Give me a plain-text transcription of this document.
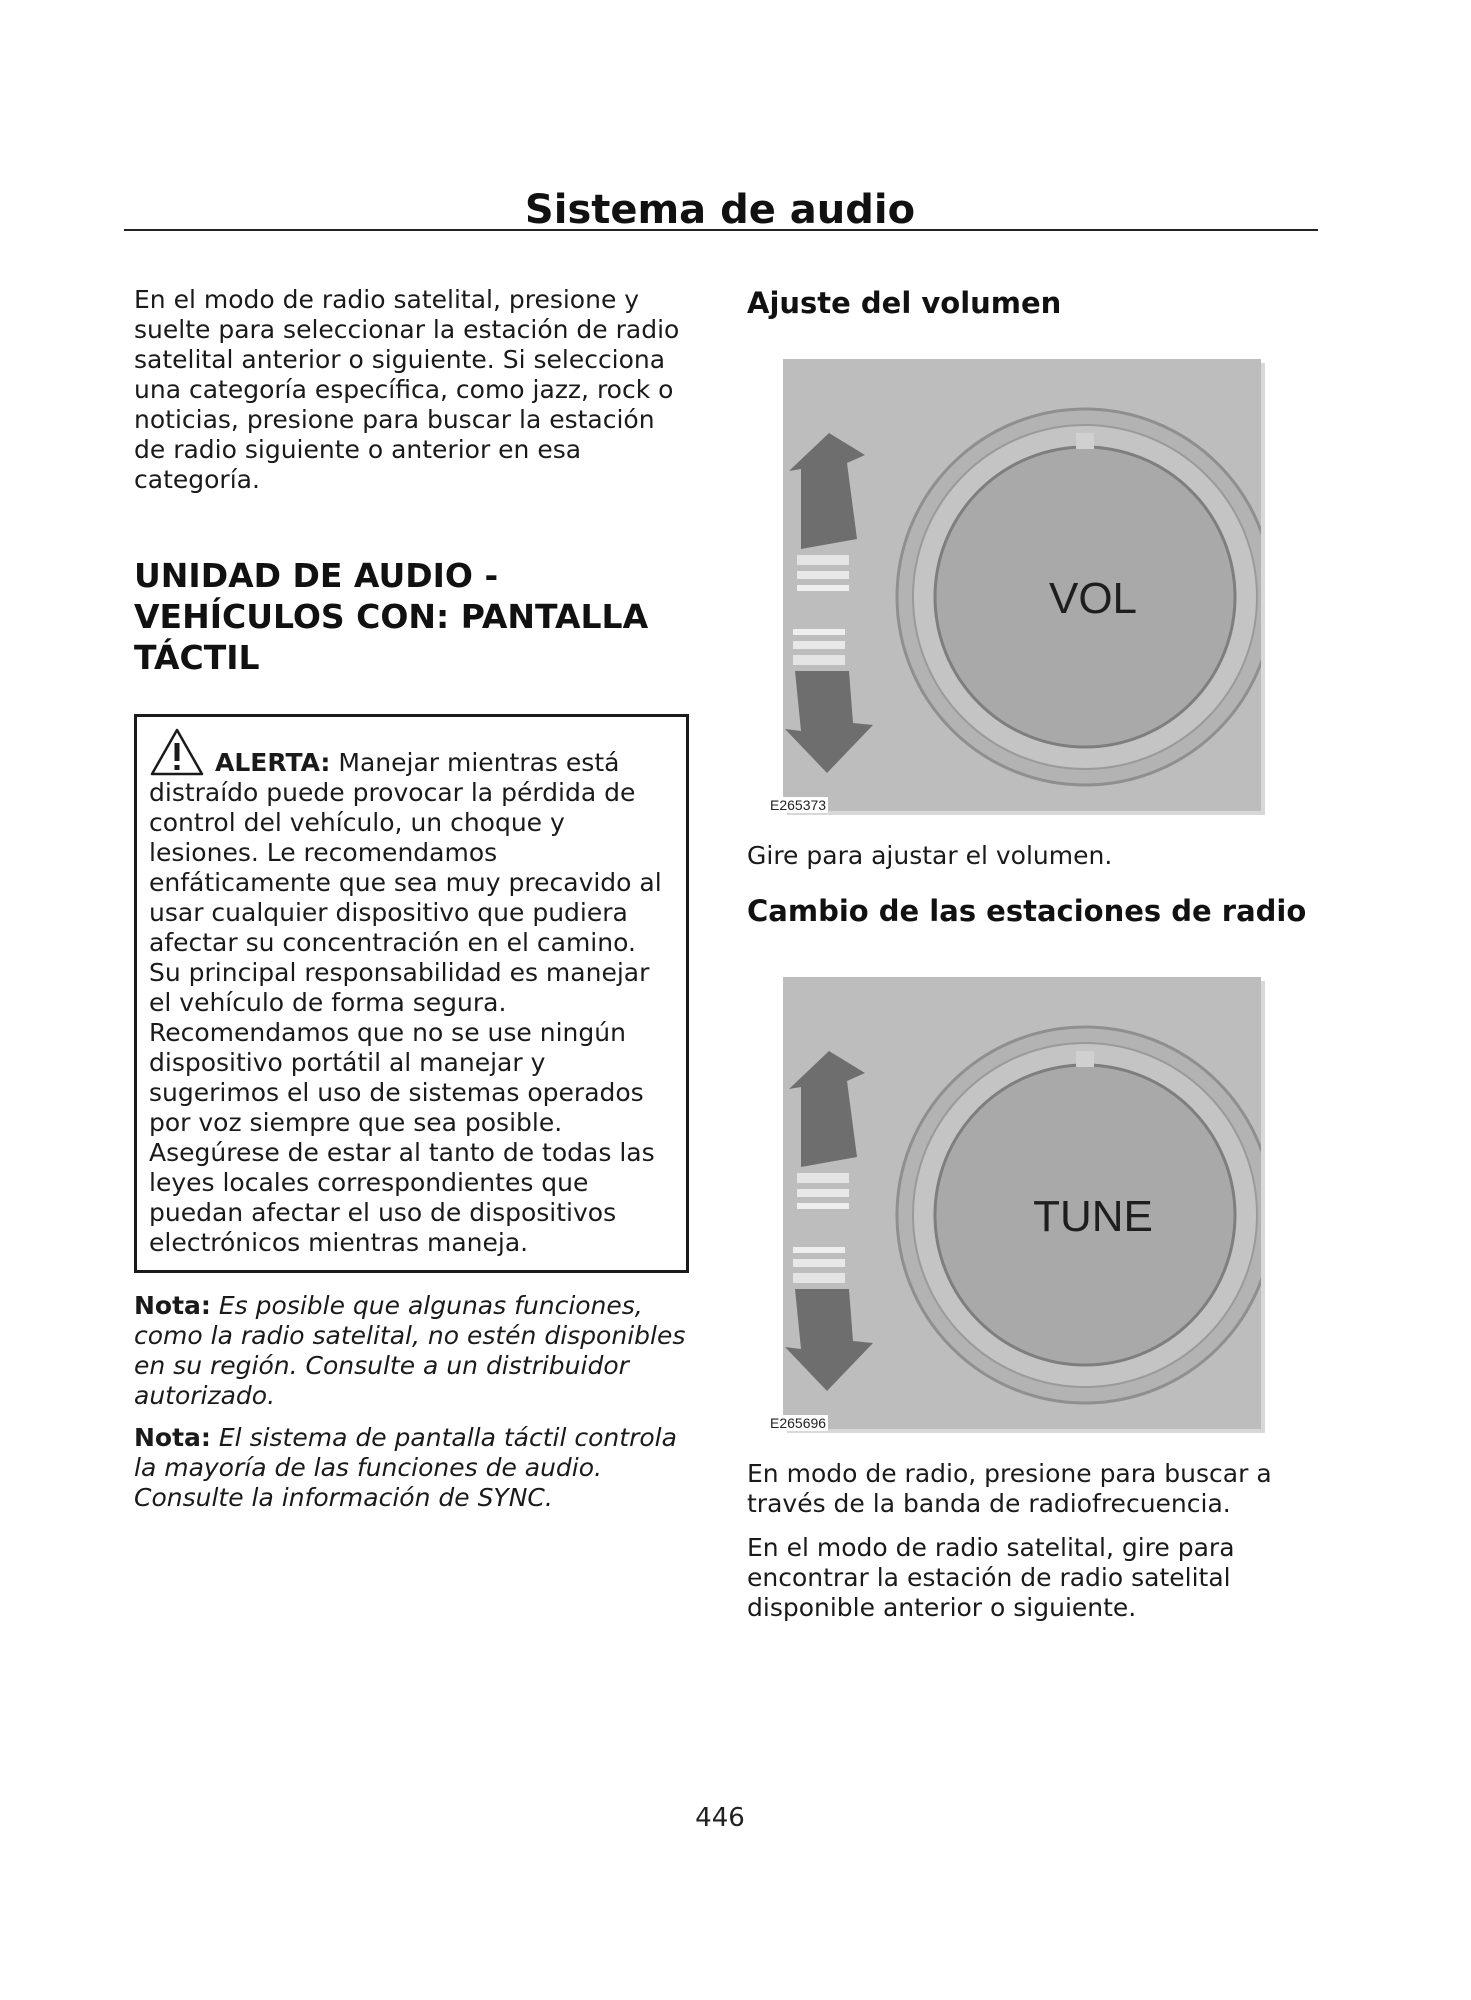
Sistema de audio

En el modo de radio satelital, presione y suelte para seleccionar la estación de radio satelital anterior o siguiente. Si selecciona una categoría específica, como jazz, rock o noticias, presione para buscar la estación de radio siguiente o anterior en esa categoría.

UNIDAD DE AUDIO - VEHÍCULOS CON: PANTALLA TÁCTIL
ALERTA: Manejar mientras está distraído puede provocar la pérdida de control del vehículo, un choque y lesiones. Le recomendamos enfáticamente que sea muy precavido al usar cualquier dispositivo que pudiera afectar su concentración en el camino. Su principal responsabilidad es manejar el vehículo de forma segura. Recomendamos que no se use ningún dispositivo portátil al manejar y sugerimos el uso de sistemas operados por voz siempre que sea posible. Asegúrese de estar al tanto de todas las leyes locales correspondientes que puedan afectar el uso de dispositivos electrónicos mientras maneja.

Nota: Es posible que algunas funciones, como la radio satelital, no estén disponibles en su región. Consulte a un distribuidor autorizado.

Nota: El sistema de pantalla táctil controla la mayoría de las funciones de audio. Consulte la información de SYNC.

Ajuste del volumen
VOL
E265373

Gire para ajustar el volumen.

Cambio de las estaciones de radio
TUNE
E265696

En modo de radio, presione para buscar a través de la banda de radiofrecuencia.

En el modo de radio satelital, gire para encontrar la estación de radio satelital disponible anterior o siguiente.

446
